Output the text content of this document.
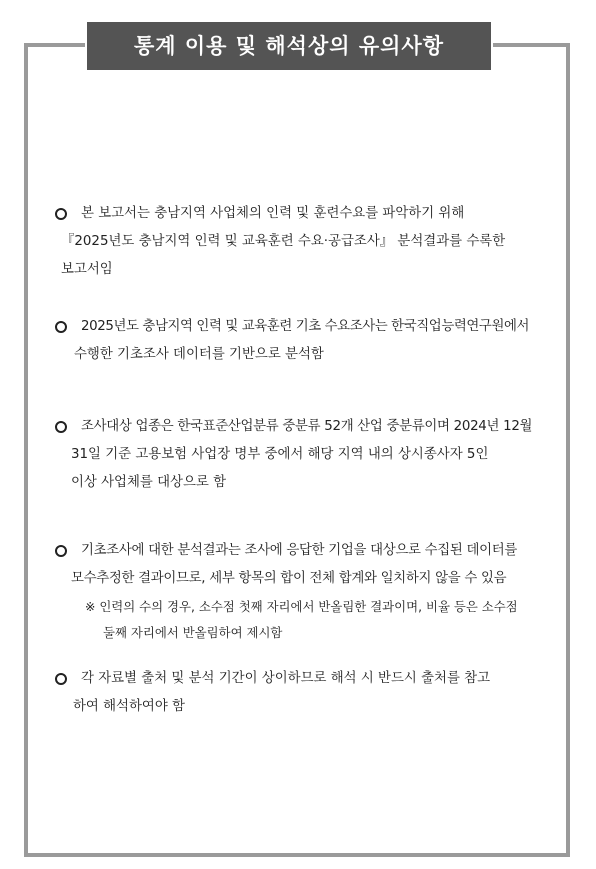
통계 이용 및 해석상의 유의사항
본 보고서는 충남지역 사업체의 인력 및 훈련수요를 파악하기 위해
『2025년도 충남지역 인력 및 교육훈련 수요·공급조사』 분석결과를 수록한
보고서임
2025년도 충남지역 인력 및 교육훈련 기초 수요조사는 한국직업능력연구원에서
수행한 기초조사 데이터를 기반으로 분석함
조사대상 업종은 한국표준산업분류 중분류 52개 산업 중분류이며 2024년 12월
31일 기준 고용보험 사업장 명부 중에서 해당 지역 내의 상시종사자 5인
이상 사업체를 대상으로 함
기초조사에 대한 분석결과는 조사에 응답한 기업을 대상으로 수집된 데이터를
모수추정한 결과이므로, 세부 항목의 합이 전체 합계와 일치하지 않을 수 있음
※ 인력의 수의 경우, 소수점 첫째 자리에서 반올림한 결과이며, 비율 등은 소수점
둘째 자리에서 반올림하여 제시함
각 자료별 출처 및 분석 기간이 상이하므로 해석 시 반드시 출처를 참고
하여 해석하여야 함
